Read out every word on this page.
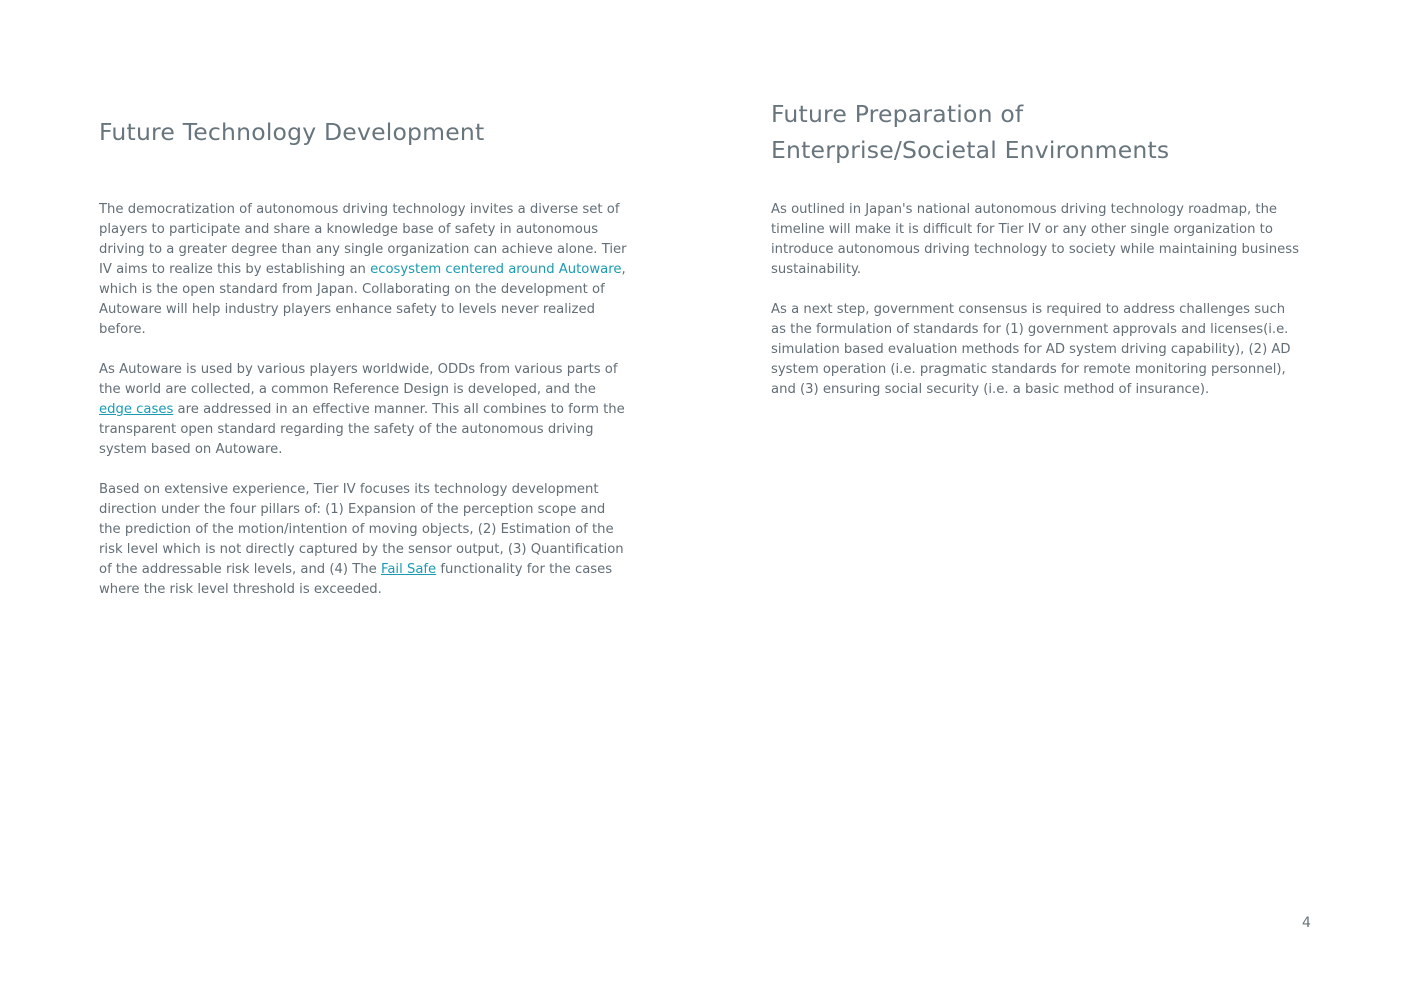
Future Technology Development

The democratization of autonomous driving technology invites a diverse set of players to participate and share a knowledge base of safety in autonomous driving to a greater degree than any single organization can achieve alone. Tier IV aims to realize this by establishing an ecosystem centered around Autoware, which is the open standard from Japan. Collaborating on the development of Autoware will help industry players enhance safety to levels never realized before.

As Autoware is used by various players worldwide, ODDs from various parts of the world are collected, a common Reference Design is developed, and the edge cases are addressed in an effective manner. This all combines to form the transparent open standard regarding the safety of the autonomous driving system based on Autoware.

Based on extensive experience, Tier IV focuses its technology development direction under the four pillars of: (1) Expansion of the perception scope and the prediction of the motion/intention of moving objects, (2) Estimation of the risk level which is not directly captured by the sensor output, (3) Quantification of the addressable risk levels, and (4) The Fail Safe functionality for the cases where the risk level threshold is exceeded.

Future Preparation of
Enterprise/Societal Environments

As outlined in Japan's national autonomous driving technology roadmap, the timeline will make it is difficult for Tier IV or any other single organization to introduce autonomous driving technology to society while maintaining business sustainability.

As a next step, government consensus is required to address challenges such as the formulation of standards for (1) government approvals and licenses(i.e. simulation based evaluation methods for AD system driving capability), (2) AD system operation (i.e. pragmatic standards for remote monitoring personnel), and (3) ensuring social security (i.e. a basic method of insurance).

4
